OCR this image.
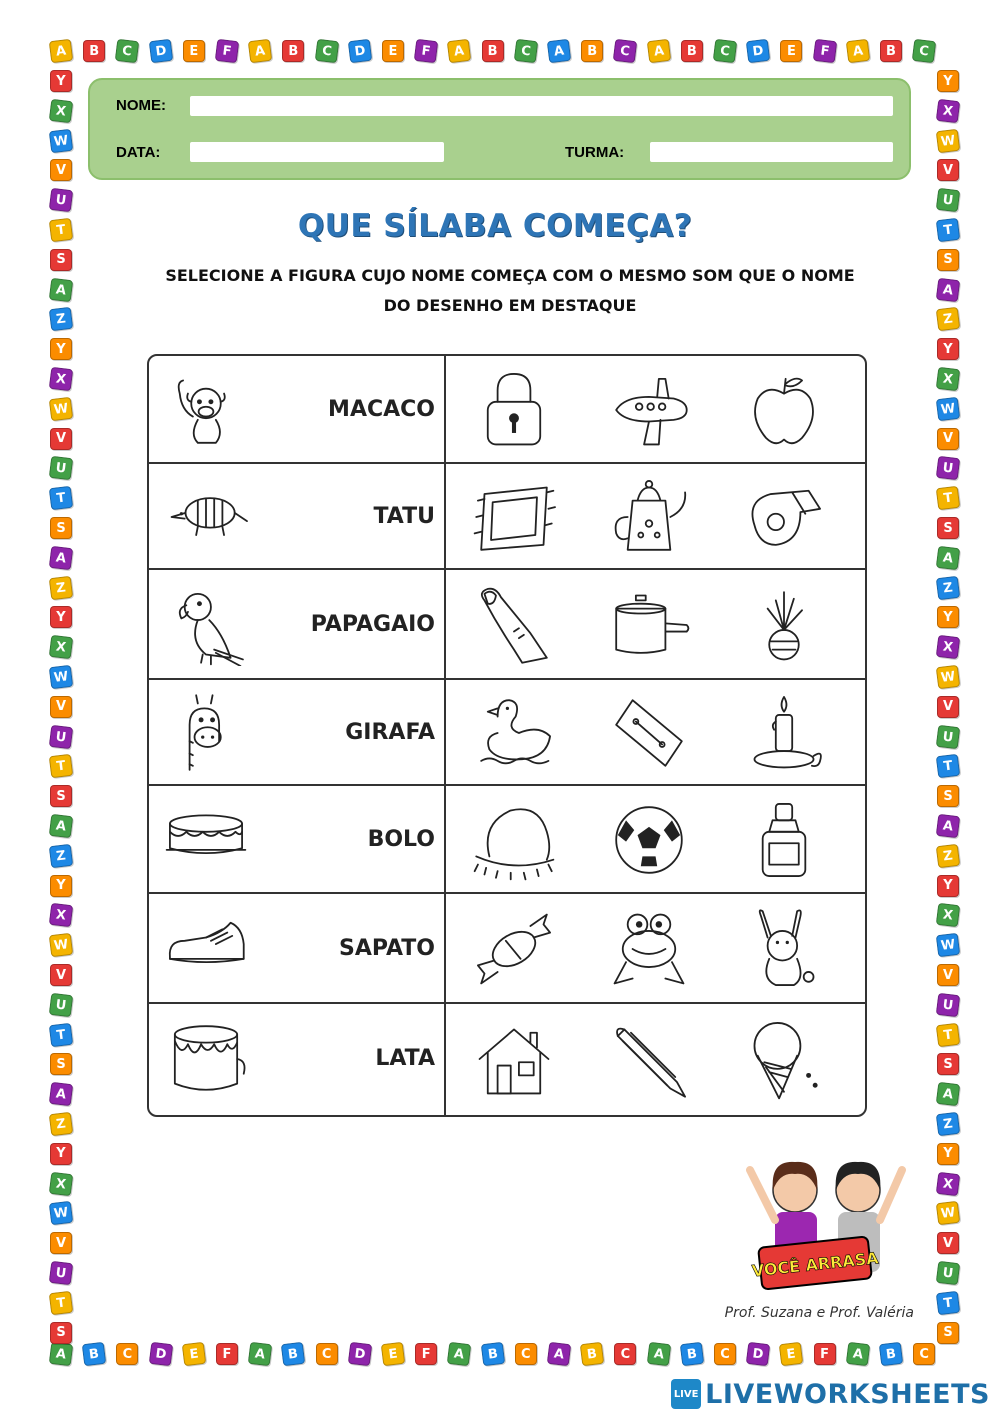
NOME:
DATA:	TURMA:
QUE SÍLABA COMEÇA?
SELECIONE A FIGURA CUJO NOME COMEÇA COM O MESMO SOM QUE O NOME
DO DESENHO EM DESTAQUE
MACACO
TATU
PAPAGAIO
GIRAFA
BOLO
SAPATO
LATA
VOCÊ ARRASA
Prof. Suzana e Prof. Valéria
LIVE LIVEWORKSHEETS
A	B	C	D	E	F	A	B	C	D	E	F	A	B	C	A	B	C	A	B	C	D	E	F	A	B	C
A	B	C	D	E	F	A	B	C	D	E	F	A	B	C	A	B	C	A	B	C	D	E	F	A	B	C
Y	Y
X	X
W	W
V	V
U	U
T	T
S	S
A	A
Z	Z
Y	Y
X	X
W	W
V	V
U	U
T	T
S	S
A	A
Z	Z
Y	Y
X	X
W	W
V	V
U	U
T	T
S	S
A	A
Z	Z
Y	Y
X	X
W	W
V	V
U	U
T	T
S	S
A	A
Z	Z
Y	Y
X	X
W	W
V	V
U	U
T	T
S	S
